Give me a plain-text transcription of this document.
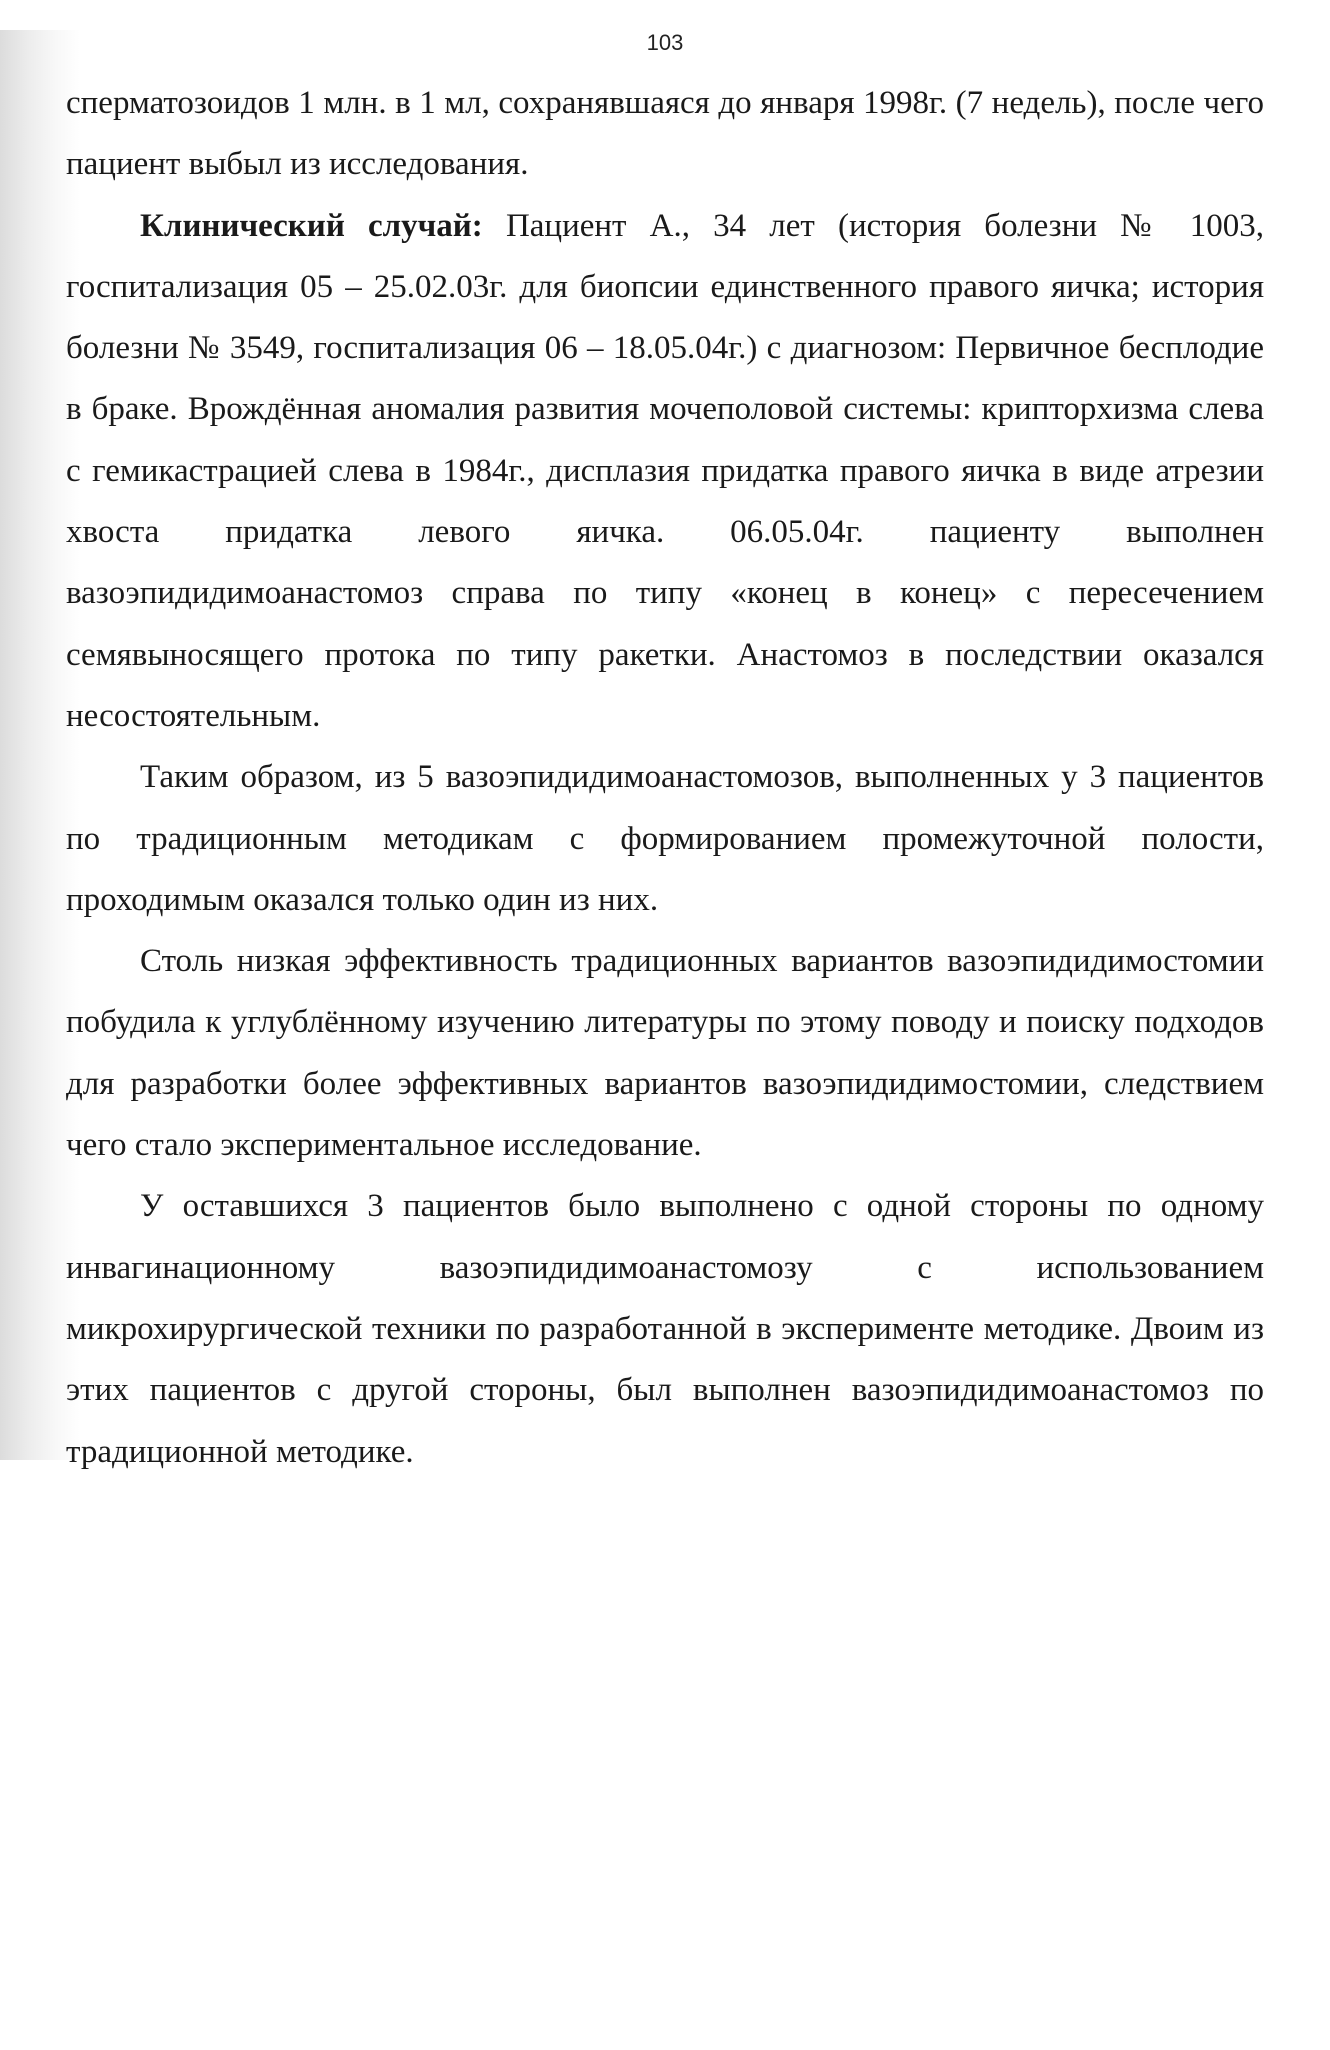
103

сперматозоидов 1 млн. в 1 мл, сохранявшаяся до января 1998г. (7 недель), после чего пациент выбыл из исследования.

Клинический случай: Пациент А., 34 лет (история болезни № 1003, госпитализация 05 – 25.02.03г. для биопсии единственного правого яичка; история болезни № 3549, госпитализация 06 – 18.05.04г.) с диагнозом: Первичное бесплодие в браке. Врождённая аномалия развития мочеполовой системы: крипторхизма слева с гемикастрацией слева в 1984г., дисплазия придатка правого яичка в виде атрезии хвоста придатка левого яичка. 06.05.04г. пациенту выполнен вазоэпидидимоанастомоз справа по типу «конец в конец» с пересечением семявыносящего протока по типу ракетки. Анастомоз в последствии оказался несостоятельным.

Таким образом, из 5 вазоэпидидимоанастомозов, выполненных у 3 пациентов по традиционным методикам с формированием промежуточной полости, проходимым оказался только один из них.

Столь низкая эффективность традиционных вариантов вазоэпидидимостомии побудила к углублённому изучению литературы по этому поводу и поиску подходов для разработки более эффективных вариантов вазоэпидидимостомии, следствием чего стало экспериментальное исследование.

У оставшихся 3 пациентов было выполнено с одной стороны по одному инвагинационному вазоэпидидимоанастомозу с использованием микрохирургической техники по разработанной в эксперименте методике. Двоим из этих пациентов с другой стороны, был выполнен вазоэпидидимоанастомоз по традиционной методике.
